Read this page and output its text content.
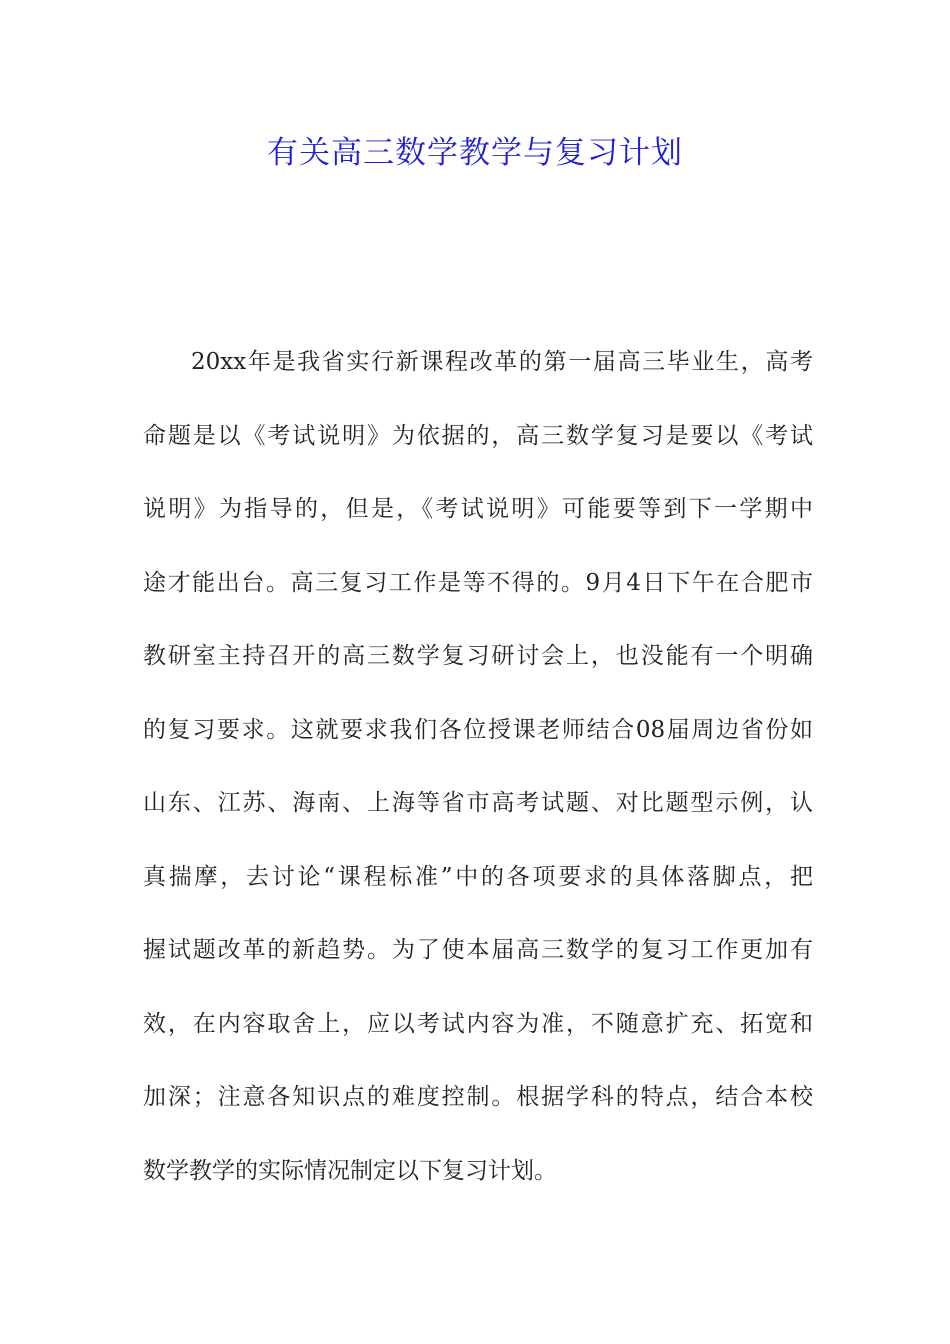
有关高三数学教学与复习计划
20xx年是我省实行新课程改革的第一届高三毕业生，高考
命题是以《考试说明》为依据的，高三数学复习是要以《考试
说明》为指导的，但是，《考试说明》可能要等到下一学期中
途才能出台。高三复习工作是等不得的。9月4日下午在合肥市
教研室主持召开的高三数学复习研讨会上，也没能有一个明确
的复习要求。这就要求我们各位授课老师结合08届周边省份如
山东、江苏、海南、上海等省市高考试题、对比题型示例，认
真揣摩，去讨论“课程标准”中的各项要求的具体落脚点，把
握试题改革的新趋势。为了使本届高三数学的复习工作更加有
效，在内容取舍上，应以考试内容为准，不随意扩充、拓宽和
加深；注意各知识点的难度控制。根据学科的特点，结合本校
数学教学的实际情况制定以下复习计划。
